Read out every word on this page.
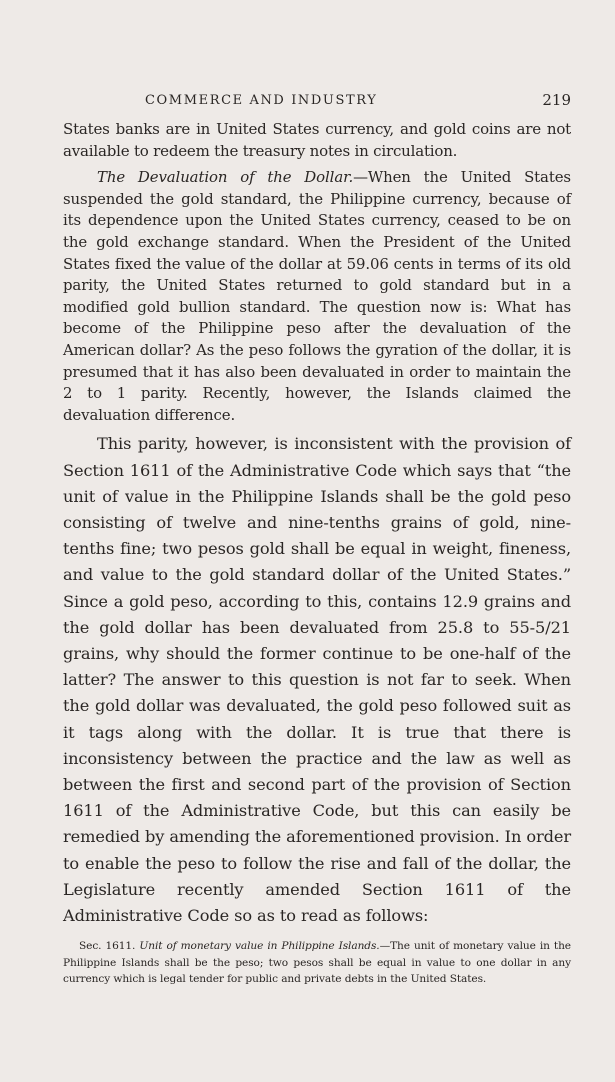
COMMERCE AND INDUSTRY	219

States banks are in United States currency, and gold coins are not available to redeem the treasury notes in circulation.

The Devaluation of the Dollar.—When the United States suspended the gold standard, the Philippine currency, because of its dependence upon the United States currency, ceased to be on the gold exchange standard. When the President of the United States fixed the value of the dollar at 59.06 cents in terms of its old parity, the United States returned to gold standard but in a modified gold bullion standard. The question now is: What has become of the Philippine peso after the devaluation of the American dollar? As the peso follows the gyration of the dollar, it is presumed that it has also been devaluated in order to maintain the 2 to 1 parity. Recently, however, the Islands claimed the devaluation difference.

This parity, however, is inconsistent with the provision of Section 1611 of the Administrative Code which says that “the unit of value in the Philippine Islands shall be the gold peso consisting of twelve and nine-tenths grains of gold, nine-tenths fine; two pesos gold shall be equal in weight, fineness, and value to the gold standard dollar of the United States.” Since a gold peso, according to this, contains 12.9 grains and the gold dollar has been devaluated from 25.8 to 55-5/21 grains, why should the former continue to be one-half of the latter? The answer to this question is not far to seek. When the gold dollar was devaluated, the gold peso followed suit as it tags along with the dollar. It is true that there is inconsistency between the practice and the law as well as between the first and second part of the provision of Section 1611 of the Administrative Code, but this can easily be remedied by amending the aforementioned provision. In order to enable the peso to follow the rise and fall of the dollar, the Legislature recently amended Section 1611 of the Administrative Code so as to read as follows:

Sec. 1611. Unit of monetary value in Philippine Islands.—The unit of monetary value in the Philippine Islands shall be the peso; two pesos shall be equal in value to one dollar in any currency which is legal tender for public and private debts in the United States.
